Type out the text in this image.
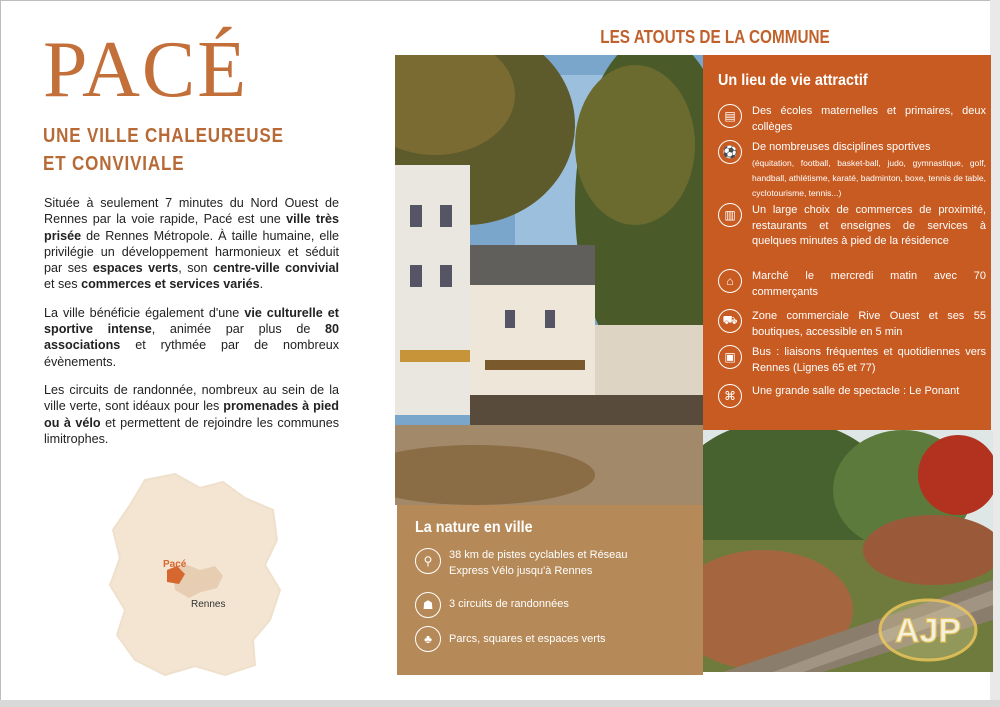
PACÉ
UNE VILLE CHALEUREUSE
ET CONVIVIALE

Située à seulement 7 minutes du Nord Ouest de Rennes par la voie rapide, Pacé est une ville très prisée de Rennes Métropole. À taille humaine, elle privilégie un développement harmonieux et séduit par ses espaces verts, son centre-ville convivial et ses commerces et services variés.

La ville bénéficie également d'une vie culturelle et sportive intense, animée par plus de 80 associations et rythmée par de nombreux évènements.

Les circuits de randonnée, nombreux au sein de la ville verte, sont idéaux pour les promenades à pied ou à vélo et permettent de rejoindre les communes limitrophes.

Pacé
Rennes
LES ATOUTS DE LA COMMUNE
Un lieu de vie attractif
▤	Des écoles maternelles et primaires, deux collèges
⚽	De nombreuses disciplines sportives
(équitation, football, basket-ball, judo, gymnastique, golf, handball, athlétisme, karaté, badminton, boxe, tennis de table, cyclotourisme, tennis...)
▥	Un large choix de commerces de proximité, restaurants et enseignes de services à quelques minutes à pied de la résidence
⌂	Marché le mercredi matin avec 70 commerçants
⛟	Zone commerciale Rive Ouest et ses 55 boutiques, accessible en 5 min
▣	Bus : liaisons fréquentes et quotidiennes vers Rennes (Lignes 65 et 77)
⌘	Une grande salle de spectacle : Le Ponant
La nature en ville
⚲	38 km de pistes cyclables et Réseau Express Vélo jusqu'à Rennes
☗	3 circuits de randonnées
♣	Parcs, squares et espaces verts	AJP
